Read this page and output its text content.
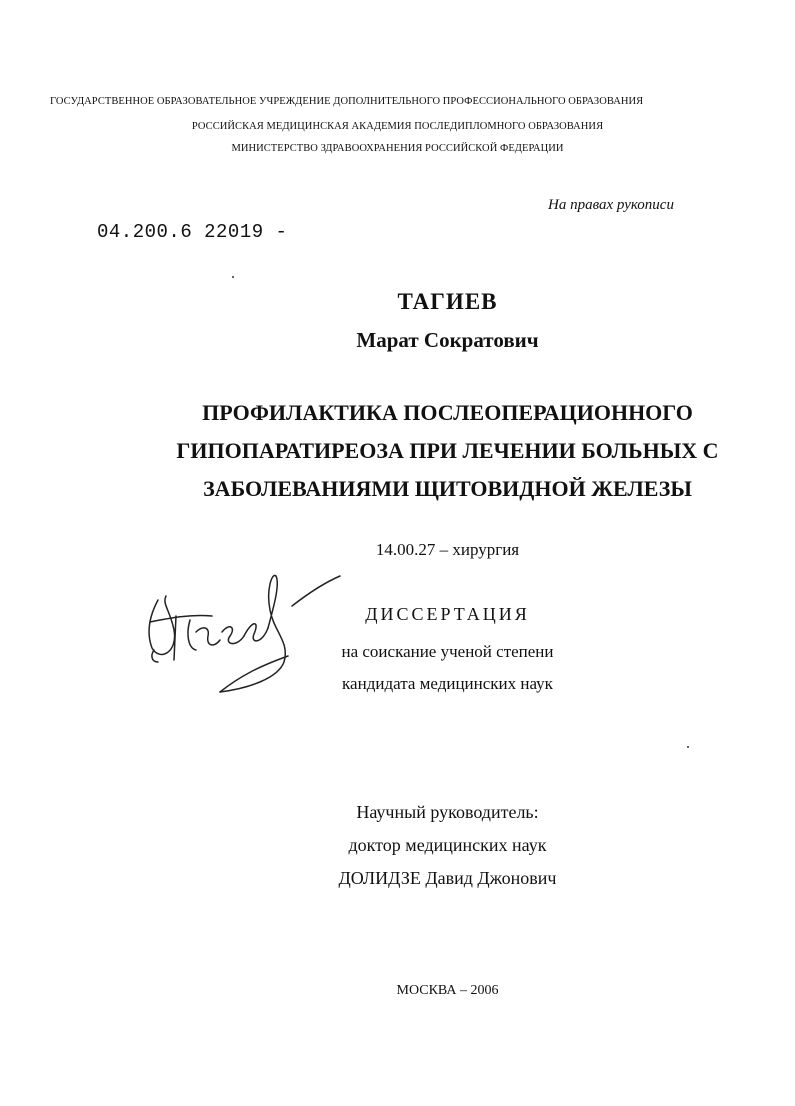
ГОСУДАРСТВЕННОЕ ОБРАЗОВАТЕЛЬНОЕ УЧРЕЖДЕНИЕ ДОПОЛНИТЕЛЬНОГО ПРОФЕССИОНАЛЬНОГО ОБРАЗОВАНИЯ
РОССИЙСКАЯ МЕДИЦИНСКАЯ АКАДЕМИЯ ПОСЛЕДИПЛОМНОГО ОБРАЗОВАНИЯ
МИНИСТЕРСТВО ЗДРАВООХРАНЕНИЯ РОССИЙСКОЙ ФЕДЕРАЦИИ
На правах рукописи
04.200.6 22019 -
ТАГИЕВ
Марат Сократович
ПРОФИЛАКТИКА ПОСЛЕОПЕРАЦИОННОГО
ГИПОПАРАТИРЕОЗА ПРИ ЛЕЧЕНИИ БОЛЬНЫХ С
ЗАБОЛЕВАНИЯМИ ЩИТОВИДНОЙ ЖЕЛЕЗЫ
14.00.27 – хирургия
ДИССЕРТАЦИЯ
на соискание ученой степени
кандидата медицинских наук
Научный руководитель:
доктор медицинских наук
ДОЛИДЗЕ Давид Джонович
МОСКВА – 2006
